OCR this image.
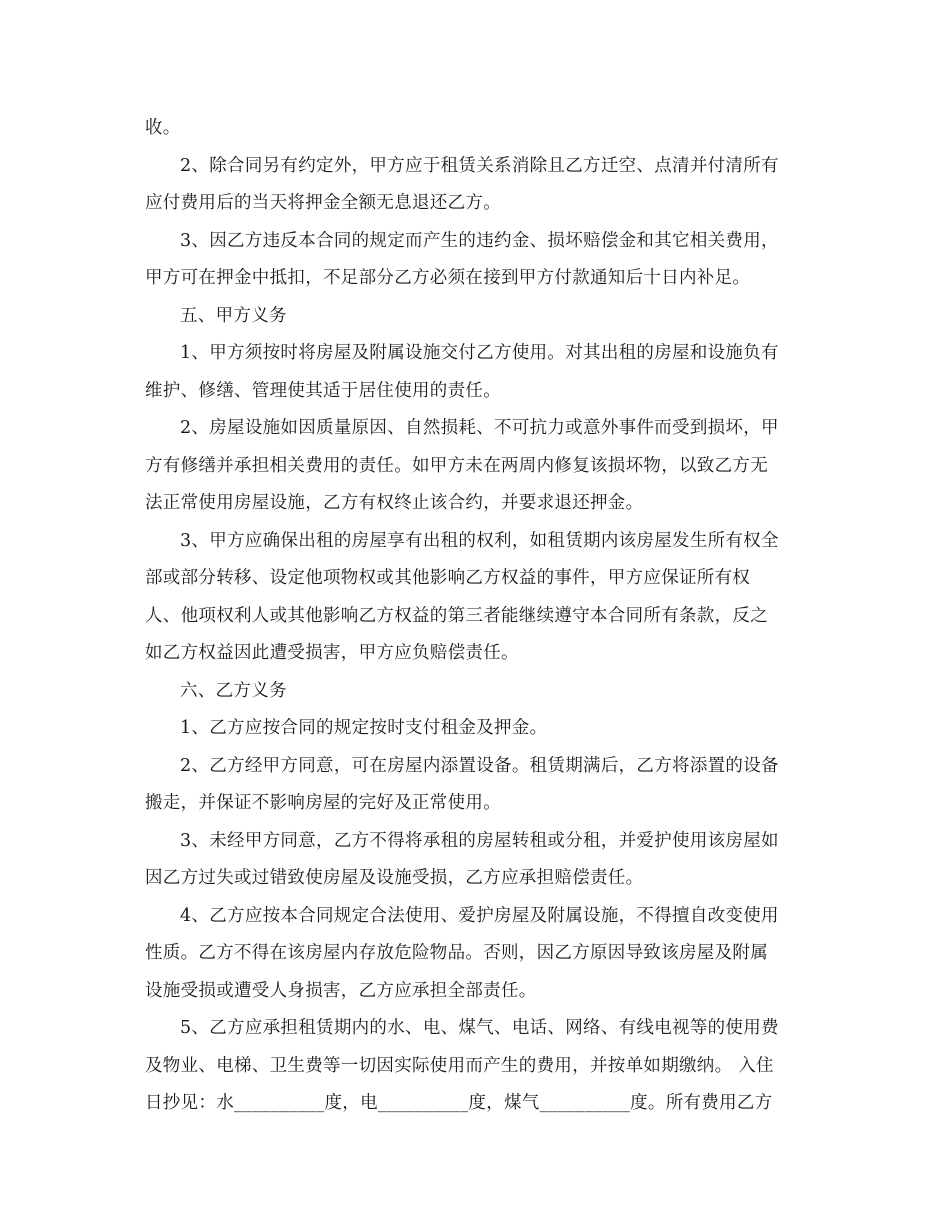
收。
2、除合同另有约定外，甲方应于租赁关系消除且乙方迁空、点清并付清所有
应付费用后的当天将押金全额无息退还乙方。
3、因乙方违反本合同的规定而产生的违约金、损坏赔偿金和其它相关费用，
甲方可在押金中抵扣，不足部分乙方必须在接到甲方付款通知后十日内补足。
五、甲方义务
1、甲方须按时将房屋及附属设施交付乙方使用。对其出租的房屋和设施负有
维护、修缮、管理使其适于居住使用的责任。
2、房屋设施如因质量原因、自然损耗、不可抗力或意外事件而受到损坏，甲
方有修缮并承担相关费用的责任。如甲方未在两周内修复该损坏物，以致乙方无
法正常使用房屋设施，乙方有权终止该合约，并要求退还押金。
3、甲方应确保出租的房屋享有出租的权利，如租赁期内该房屋发生所有权全
部或部分转移、设定他项物权或其他影响乙方权益的事件，甲方应保证所有权
人、他项权利人或其他影响乙方权益的第三者能继续遵守本合同所有条款，反之
如乙方权益因此遭受损害，甲方应负赔偿责任。
六、乙方义务
1、乙方应按合同的规定按时支付租金及押金。
2、乙方经甲方同意，可在房屋内添置设备。租赁期满后，乙方将添置的设备
搬走，并保证不影响房屋的完好及正常使用。
3、未经甲方同意，乙方不得将承租的房屋转租或分租，并爱护使用该房屋如
因乙方过失或过错致使房屋及设施受损，乙方应承担赔偿责任。
4、乙方应按本合同规定合法使用、爱护房屋及附属设施，不得擅自改变使用
性质。乙方不得在该房屋内存放危险物品。否则，因乙方原因导致该房屋及附属
设施受损或遭受人身损害，乙方应承担全部责任。
5、乙方应承担租赁期内的水、电、煤气、电话、网络、有线电视等的使用费
及物业、电梯、卫生费等一切因实际使用而产生的费用，并按单如期缴纳。 入住
日抄见：水__________度，电__________度，煤气__________度。所有费用乙方
